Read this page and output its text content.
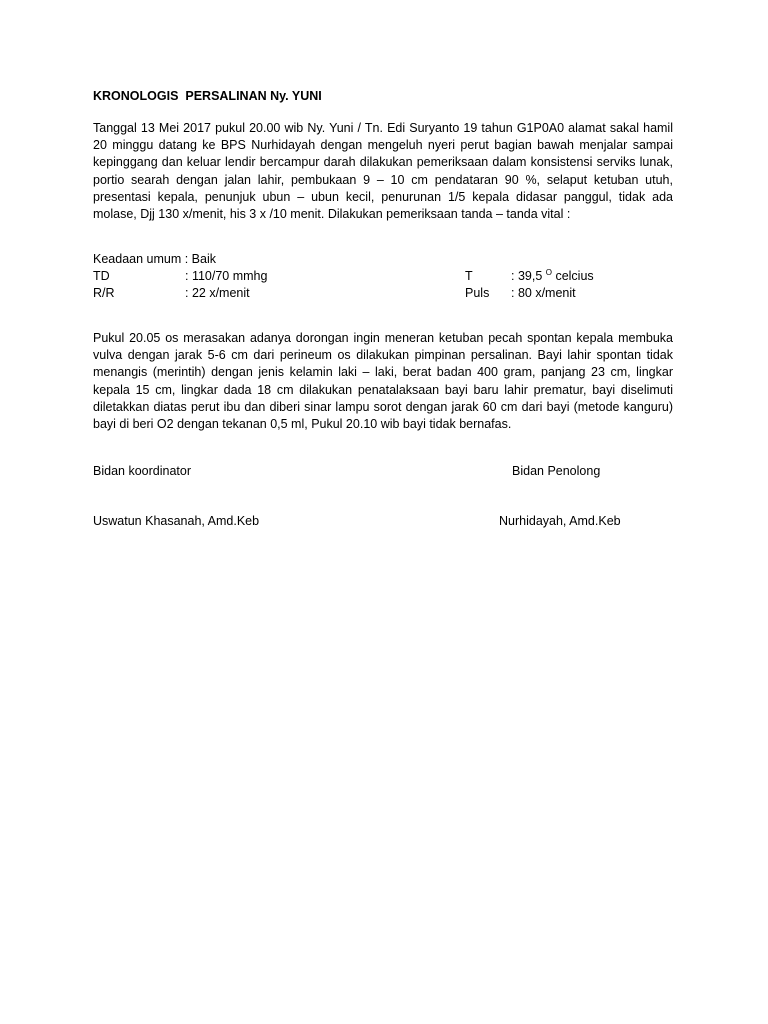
KRONOLOGIS  PERSALINAN Ny. YUNI

Tanggal 13 Mei 2017 pukul 20.00 wib Ny. Yuni / Tn. Edi Suryanto 19 tahun G1P0A0 alamat sakal hamil 20 minggu datang ke BPS Nurhidayah dengan mengeluh nyeri perut bagian bawah menjalar sampai kepinggang dan keluar lendir bercampur darah dilakukan pemeriksaan dalam konsistensi serviks lunak, portio searah dengan jalan lahir, pembukaan 9 – 10 cm pendataran 90 %, selaput ketuban utuh, presentasi kepala, penunjuk ubun – ubun kecil, penurunan 1/5 kepala didasar panggul, tidak ada molase, Djj 130 x/menit, his 3 x /10 menit. Dilakukan pemeriksaan tanda – tanda vital :

Keadaan umum : Baik

TD	: 110/70 mmhg	T	: 39,5 $^O$ celcius
R/R	: 22 x/menit	Puls : 80 x/menit

Pukul 20.05 os merasakan adanya dorongan ingin meneran ketuban pecah spontan kepala membuka vulva dengan jarak 5-6 cm dari perineum os dilakukan pimpinan persalinan. Bayi lahir spontan tidak menangis (merintih) dengan jenis kelamin laki – laki, berat badan 400 gram, panjang 23 cm, lingkar kepala 15 cm, lingkar dada 18 cm dilakukan penatalaksaan bayi baru lahir prematur, bayi diselimuti diletakkan diatas perut ibu dan diberi sinar lampu sorot dengan jarak 60 cm dari bayi (metode kanguru) bayi di beri O2 dengan tekanan 0,5 ml, Pukul 20.10 wib bayi tidak bernafas.

Bidan koordinator	Bidan Penolong

Uswatun Khasanah, Amd.Keb	Nurhidayah, Amd.Keb
